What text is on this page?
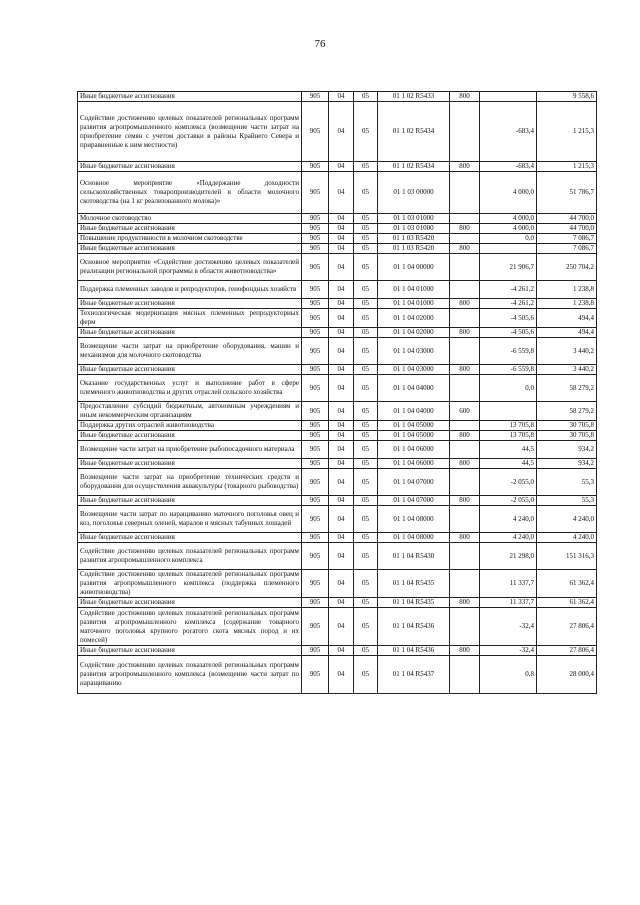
76
Иные бюджетные ассигнования	905	04	05	01 1 02 R5433	800		9 558,6
Содействие достижению целевых показателей региональных программ развития агропромышленного комплекса (возмещение части затрат на приобретение семян с учетом доставки в районы Крайнего Севера и приравненные к ним местности)	905	04	05	01 1 02 R5434		-683,4	1 215,3
Иные бюджетные ассигнования	905	04	05	01 1 02 R5434	800	-683,4	1 215,3
Основное мероприятие «Поддержание доходности сельскохозяйственных товаропроизводителей в области молочного скотоводства (на 1 кг реализованного молока)»	905	04	05	01 1 03 00000		4 000,0	51 786,7
Молочное скотоводство	905	04	05	01 1 03 01000		4 000,0	44 700,0
Иные бюджетные ассигнования	905	04	05	01 1 03 01000	800	4 000,0	44 700,0
Повышение продуктивности в молочном скотоводстве	905	04	05	01 1 03 R5420		0,0	7 086,7
Иные бюджетные ассигнования	905	04	05	01 1 03 R5420	800		7 086,7
Основное мероприятие «Содействие достижению целевых показателей реализации региональной программы в области животноводства»	905	04	05	01 1 04 00000		21 906,7	250 704,2
Поддержка племенных заводов и репродукторов, генофондных хозяйств	905	04	05	01 1 04 01000		-4 261,2	1 238,8
Иные бюджетные ассигнования	905	04	05	01 1 04 01000	800	-4 261,2	1 238,8
Технологическая модернизация мясных племенных репродукторных ферм	905	04	05	01 1 04 02000		-4 505,6	494,4
Иные бюджетные ассигнования	905	04	05	01 1 04 02000	800	-4 505,6	494,4
Возмещение части затрат на приобретение оборудования, машин и механизмов для молочного скотоводства	905	04	05	01 1 04 03000		-6 559,8	3 440,2
Иные бюджетные ассигнования	905	04	05	01 1 04 03000	800	-6 559,8	3 440,2
Оказание государственных услуг и выполнение работ в сфере племенного животноводства и других отраслей сельского хозяйства	905	04	05	01 1 04 04000		0,0	58 279,2
Предоставление субсидий бюджетным, автономным учреждениям и иным некоммерческим организациям	905	04	05	01 1 04 04000	600		58 279,2
Поддержка других отраслей животноводства	905	04	05	01 1 04 05000		13 705,8	30 705,8
Иные бюджетные ассигнования	905	04	05	01 1 04 05000	800	13 705,8	30 705,8
Возмещение части затрат на приобретение рыбопосадочного материала	905	04	05	01 1 04 06000		44,5	934,2
Иные бюджетные ассигнования	905	04	05	01 1 04 06000	800	44,5	934,2
Возмещение части затрат на приобретение технических средств и оборудования для осуществления аквакультуры (товарного рыбоводства)	905	04	05	01 1 04 07000		-2 055,0	55,3
Иные бюджетные ассигнования	905	04	05	01 1 04 07000	800	-2 055,0	55,3
Возмещение части затрат по наращиванию маточного поголовья овец и коз, поголовья северных оленей, маралов и мясных табунных лошадей	905	04	05	01 1 04 08000		4 240,0	4 240,0
Иные бюджетные ассигнования	905	04	05	01 1 04 08000	800	4 240,0	4 240,0
Содействие достижению целевых показателей региональных программ развития агропромышленного комплекса	905	04	05	01 1 04 R5430		21 298,0	151 316,3
Содействие достижению целевых показателей региональных программ развития агропромышленного комплекса (поддержка племенного животноводства)	905	04	05	01 1 04 R5435		11 337,7	61 362,4
Иные бюджетные ассигнования	905	04	05	01 1 04 R5435	800	11 337,7	61 362,4
Содействие достижению целевых показателей региональных программ развития агропромышленного комплекса (содержание товарного маточного поголовья крупного рогатого скота мясных пород и их помесей)	905	04	05	01 1 04 R5436		-32,4	27 806,4
Иные бюджетные ассигнования	905	04	05	01 1 04 R5436	800	-32,4	27 806,4
Содействие достижению целевых показателей региональных программ развития агропромышленного комплекса (возмещение части затрат по наращиванию	905	04	05	01 1 04 R5437		0,8	28 000,4
